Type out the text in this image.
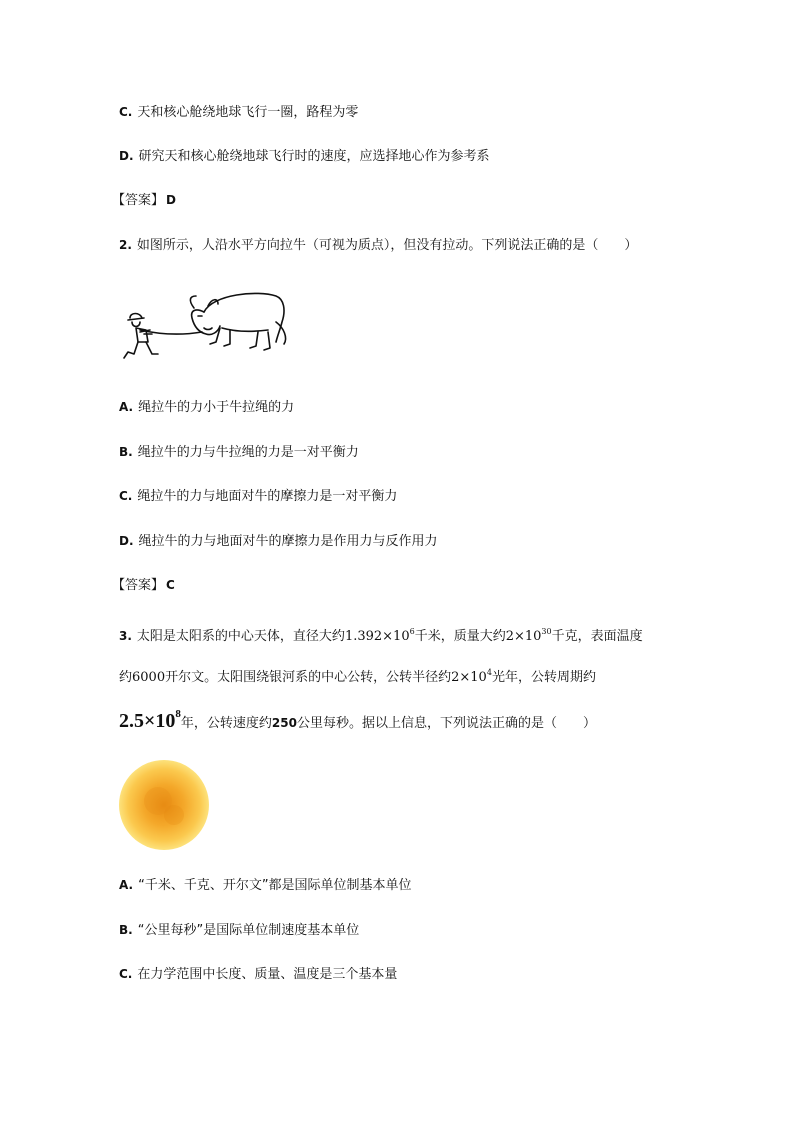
C. 天和核心舱绕地球飞行一圈，路程为零
D. 研究天和核心舱绕地球飞行时的速度，应选择地心作为参考系
【答案】 D
2. 如图所示，人沿水平方向拉牛（可视为质点），但没有拉动。下列说法正确的是（　　）
A. 绳拉牛的力小于牛拉绳的力
B. 绳拉牛的力与牛拉绳的力是一对平衡力
C. 绳拉牛的力与地面对牛的摩擦力是一对平衡力
D. 绳拉牛的力与地面对牛的摩擦力是作用力与反作用力
【答案】 C
3. 太阳是太阳系的中心天体，直径大约$1.392\times 10^6$千米，质量大约$2\times 10^{30}$千克，表面温度
约6000开尔文。太阳围绕银河系的中心公转，公转半径约$2\times 10^4$光年，公转周期约
$2.5\times 10^8$年，公转速度约250公里每秒。据以上信息，下列说法正确的是（　　）
A. “千米、千克、开尔文”都是国际单位制基本单位
B. “公里每秒”是国际单位制速度基本单位
C. 在力学范围中长度、质量、温度是三个基本量
